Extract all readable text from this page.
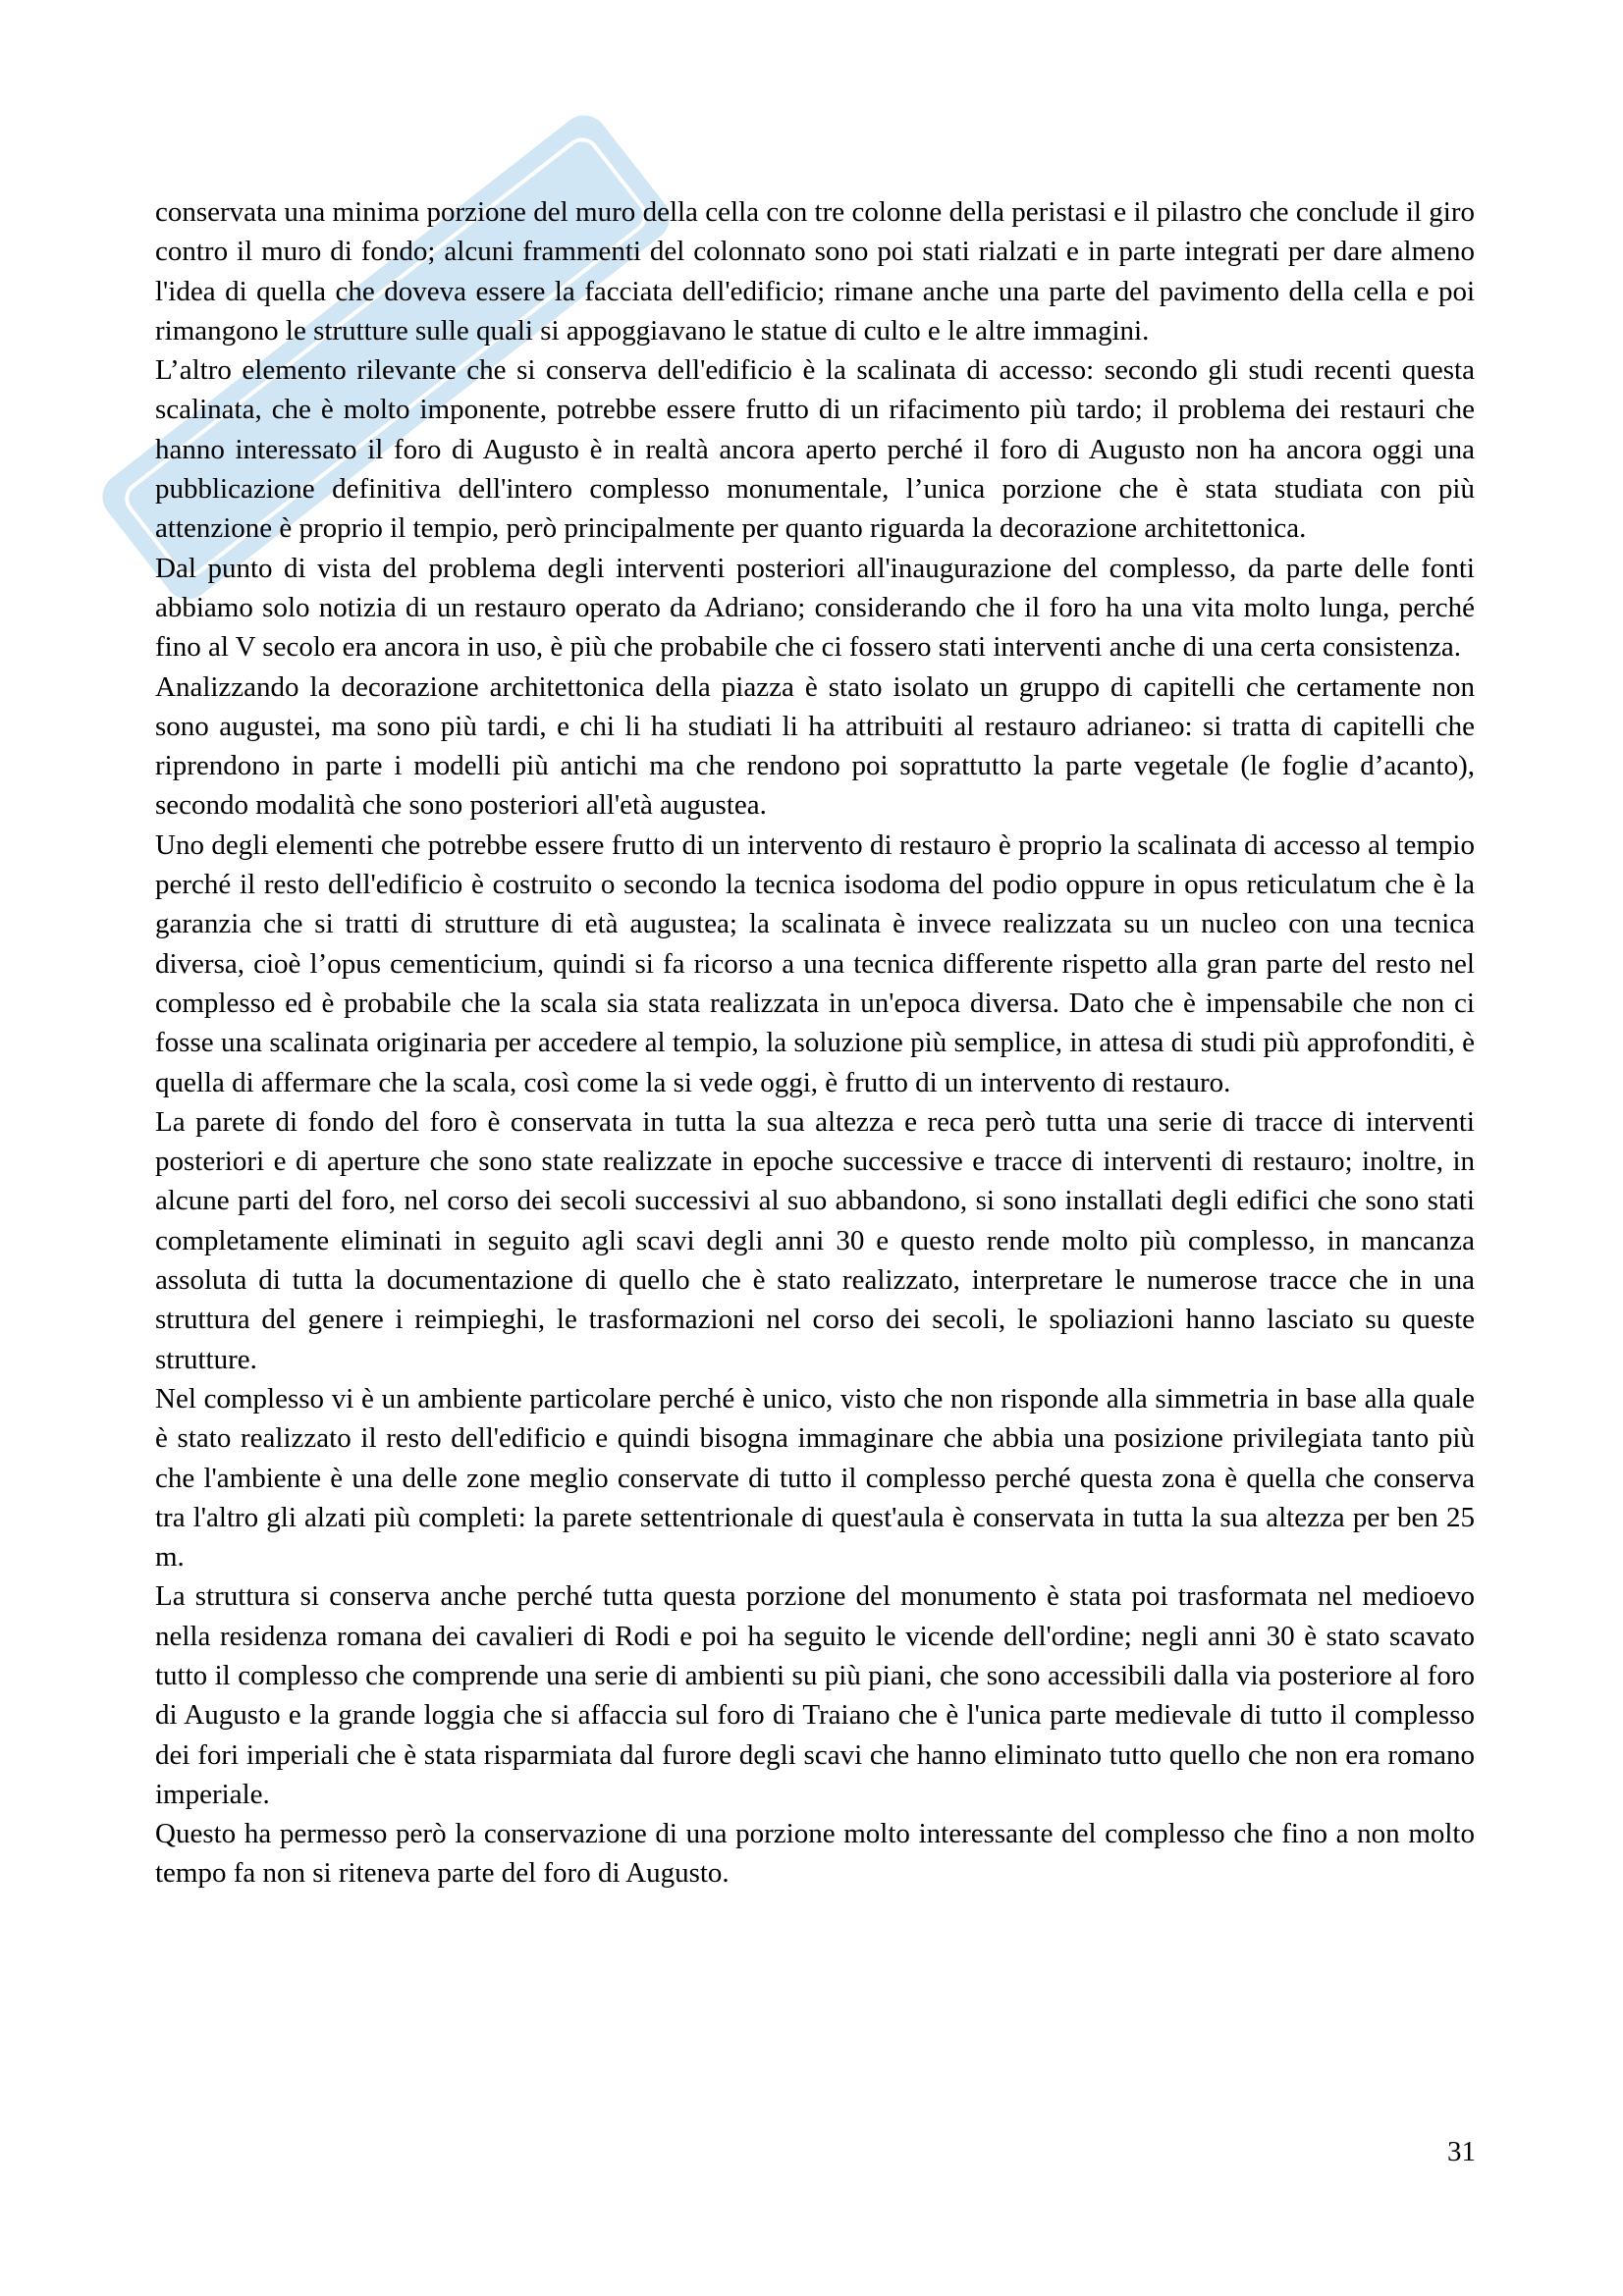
conservata una minima porzione del muro della cella con tre colonne della peristasi e il pilastro che conclude il giro contro il muro di fondo; alcuni frammenti del colonnato sono poi stati rialzati e in parte integrati per dare almeno l'idea di quella che doveva essere la facciata dell'edificio; rimane anche una parte del pavimento della cella e poi rimangono le strutture sulle quali si appoggiavano le statue di culto e le altre immagini.

L’altro elemento rilevante che si conserva dell'edificio è la scalinata di accesso: secondo gli studi recenti questa scalinata, che è molto imponente, potrebbe essere frutto di un rifacimento più tardo; il problema dei restauri che hanno interessato il foro di Augusto è in realtà ancora aperto perché il foro di Augusto non ha ancora oggi una pubblicazione definitiva dell'intero complesso monumentale, l’unica porzione che è stata studiata con più attenzione è proprio il tempio, però principalmente per quanto riguarda la decorazione architettonica.

Dal punto di vista del problema degli interventi posteriori all'inaugurazione del complesso, da parte delle fonti abbiamo solo notizia di un restauro operato da Adriano; considerando che il foro ha una vita molto lunga, perché fino al V secolo era ancora in uso, è più che probabile che ci fossero stati interventi anche di una certa consistenza.

Analizzando la decorazione architettonica della piazza è stato isolato un gruppo di capitelli che certamente non sono augustei, ma sono più tardi, e chi li ha studiati li ha attribuiti al restauro adrianeo: si tratta di capitelli che riprendono in parte i modelli più antichi ma che rendono poi soprattutto la parte vegetale (le foglie d’acanto), secondo modalità che sono posteriori all'età augustea.

Uno degli elementi che potrebbe essere frutto di un intervento di restauro è proprio la scalinata di accesso al tempio perché il resto dell'edificio è costruito o secondo la tecnica isodoma del podio oppure in opus reticulatum che è la garanzia che si tratti di strutture di età augustea; la scalinata è invece realizzata su un nucleo con una tecnica diversa, cioè l’opus cementicium, quindi si fa ricorso a una tecnica differente rispetto alla gran parte del resto nel complesso ed è probabile che la scala sia stata realizzata in un'epoca diversa. Dato che è impensabile che non ci fosse una scalinata originaria per accedere al tempio, la soluzione più semplice, in attesa di studi più approfonditi, è quella di affermare che la scala, così come la si vede oggi, è frutto di un intervento di restauro.

La parete di fondo del foro è conservata in tutta la sua altezza e reca però tutta una serie di tracce di interventi posteriori e di aperture che sono state realizzate in epoche successive e tracce di interventi di restauro; inoltre, in alcune parti del foro, nel corso dei secoli successivi al suo abbandono, si sono installati degli edifici che sono stati completamente eliminati in seguito agli scavi degli anni 30 e questo rende molto più complesso, in mancanza assoluta di tutta la documentazione di quello che è stato realizzato, interpretare le numerose tracce che in una struttura del genere i reimpieghi, le trasformazioni nel corso dei secoli, le spoliazioni hanno lasciato su queste strutture.

Nel complesso vi è un ambiente particolare perché è unico, visto che non risponde alla simmetria in base alla quale è stato realizzato il resto dell'edificio e quindi bisogna immaginare che abbia una posizione privilegiata tanto più che l'ambiente è una delle zone meglio conservate di tutto il complesso perché questa zona è quella che conserva tra l'altro gli alzati più completi: la parete settentrionale di quest'aula è conservata in tutta la sua altezza per ben 25 m.

La struttura si conserva anche perché tutta questa porzione del monumento è stata poi trasformata nel medioevo nella residenza romana dei cavalieri di Rodi e poi ha seguito le vicende dell'ordine; negli anni 30 è stato scavato tutto il complesso che comprende una serie di ambienti su più piani, che sono accessibili dalla via posteriore al foro di Augusto e la grande loggia che si affaccia sul foro di Traiano che è l'unica parte medievale di tutto il complesso dei fori imperiali che è stata risparmiata dal furore degli scavi che hanno eliminato tutto quello che non era romano imperiale.

Questo ha permesso però la conservazione di una porzione molto interessante del complesso che fino a non molto tempo fa non si riteneva parte del foro di Augusto.

31
